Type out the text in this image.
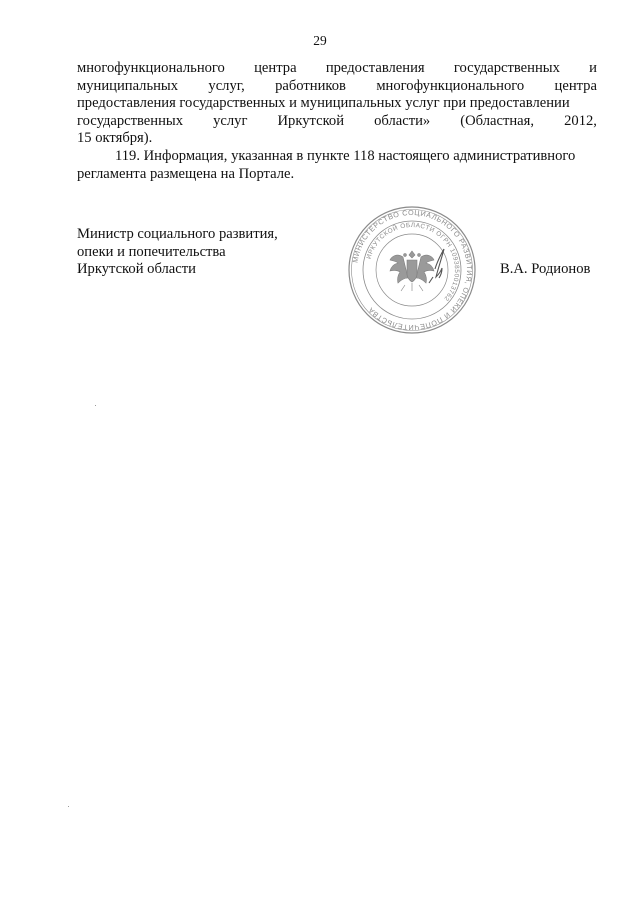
29
многофункционального центра предоставления государственных и
муниципальных услуг, работников многофункционального центра
предоставления государственных и муниципальных услуг при предоставлении
государственных услуг Иркутской области» (Областная, 2012,
15 октября).
119. Информация, указанная в пункте 118 настоящего административного
регламента размещена на Портале.
Министр социального развития,
опеки и попечительства
Иркутской области
МИНИСТЕРСТВО СОЦИАЛЬНОГО РАЗВИТИЯ, ОПЕКИ И ПОПЕЧИТЕЛЬСТВА
ИРКУТСКОЙ ОБЛАСТИ ОГРН 1093850013762
В.А. Родионов
